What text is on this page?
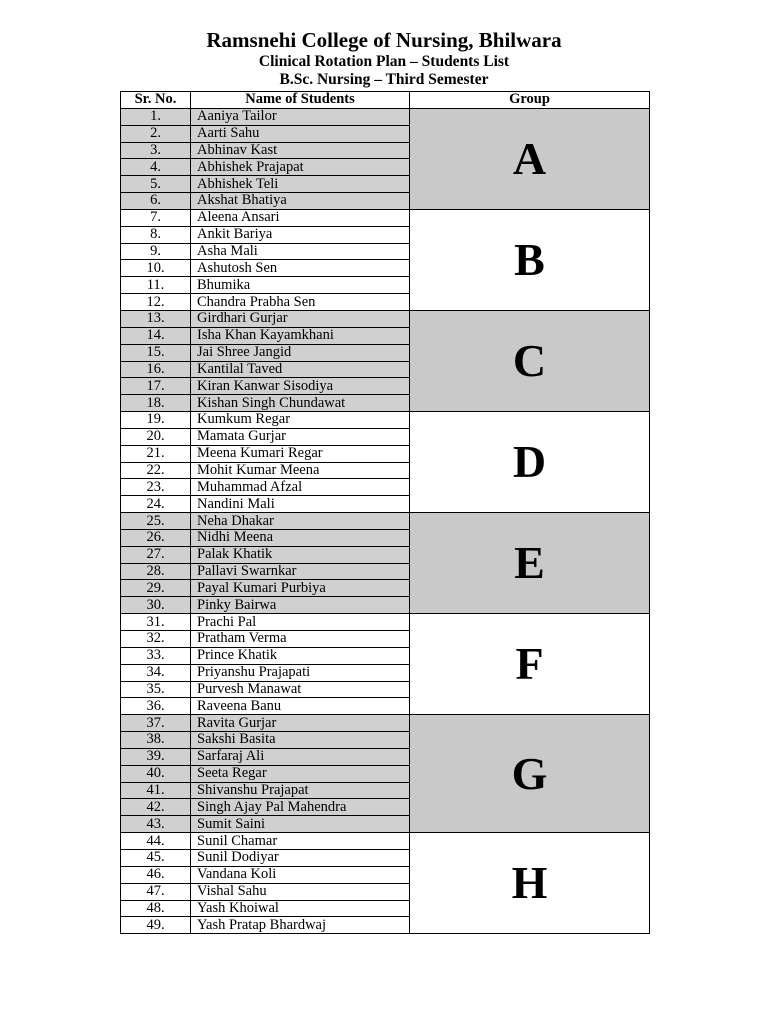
Ramsnehi College of Nursing, Bhilwara
Clinical Rotation Plan – Students List
B.Sc. Nursing – Third Semester
Sr. No.	Name of Students	Group
1.	Aaniya Tailor	A
2.	Aarti Sahu	
3.	Abhinav Kast	
4.	Abhishek Prajapat	
5.	Abhishek Teli	
6.	Akshat Bhatiya	
7.	Aleena Ansari	B
8.	Ankit Bariya	
9.	Asha Mali	
10.	Ashutosh Sen	
11.	Bhumika	
12.	Chandra Prabha Sen	
13.	Girdhari Gurjar	C
14.	Isha Khan Kayamkhani	
15.	Jai Shree Jangid	
16.	Kantilal Taved	
17.	Kiran Kanwar Sisodiya	
18.	Kishan Singh Chundawat	
19.	Kumkum Regar	D
20.	Mamata Gurjar	
21.	Meena Kumari Regar	
22.	Mohit Kumar Meena	
23.	Muhammad Afzal	
24.	Nandini Mali	
25.	Neha Dhakar	E
26.	Nidhi Meena	
27.	Palak Khatik	
28.	Pallavi Swarnkar	
29.	Payal Kumari Purbiya	
30.	Pinky Bairwa	
31.	Prachi Pal	F
32.	Pratham Verma	
33.	Prince Khatik	
34.	Priyanshu Prajapati	
35.	Purvesh Manawat	
36.	Raveena Banu	
37.	Ravita Gurjar	G
38.	Sakshi Basita	
39.	Sarfaraj Ali	
40.	Seeta Regar	
41.	Shivanshu Prajapat	
42.	Singh Ajay Pal Mahendra	
43.	Sumit Saini	
44.	Sunil Chamar	H
45.	Sunil Dodiyar	
46.	Vandana Koli	
47.	Vishal Sahu	
48.	Yash Khoiwal	
49.	Yash Pratap Bhardwaj	
